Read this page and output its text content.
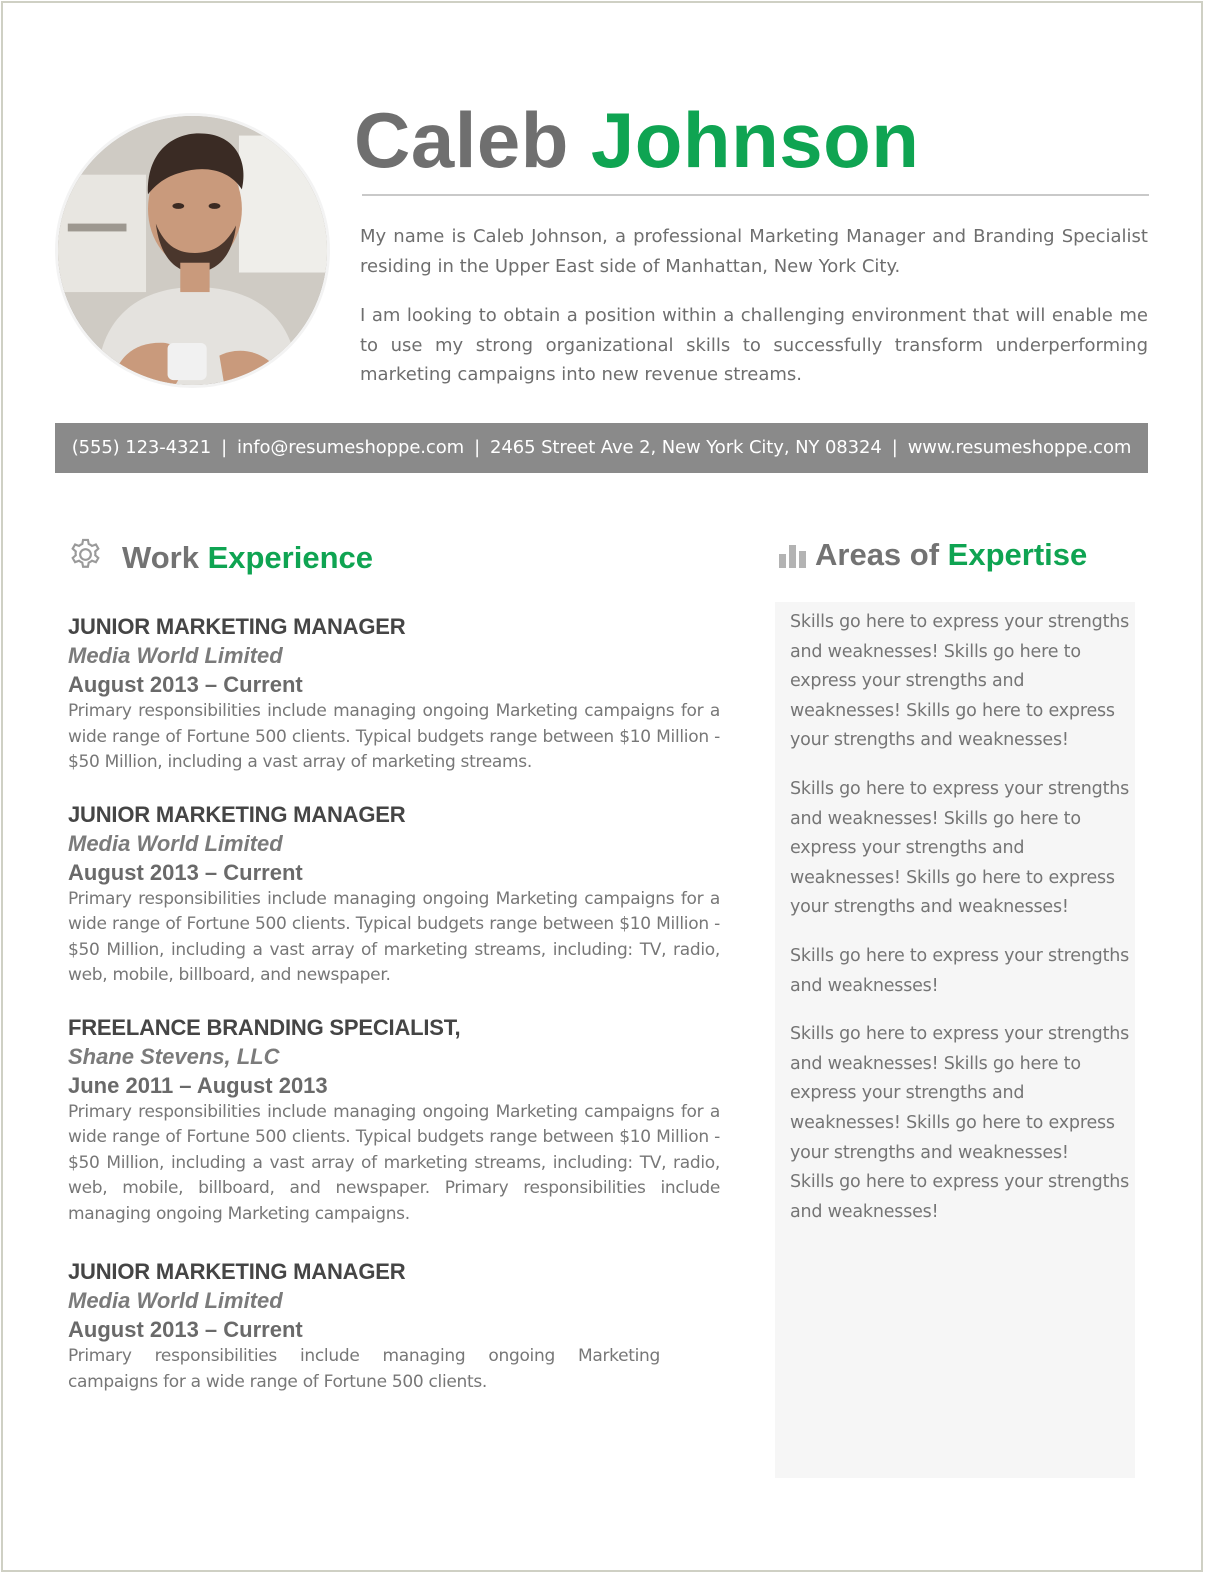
Caleb Johnson

My name is Caleb Johnson, a professional Marketing Manager and Branding Specialist residing in the Upper East side of Manhattan, New York City.

I am looking to obtain a position within a challenging environment that will enable me to use my strong organizational skills to successfully transform underperforming marketing campaigns into new revenue streams.

(555) 123-4321 | info@resumeshoppe.com | 2465 Street Ave 2, New York City, NY 08324 | www.resumeshoppe.com
Work Experience
JUNIOR MARKETING MANAGER
Media World Limited
August 2013 – Current
Primary responsibilities include managing ongoing Marketing campaigns for a wide range of Fortune 500 clients. Typical budgets range between $10 Million - $50 Million, including a vast array of marketing streams.
JUNIOR MARKETING MANAGER
Media World Limited
August 2013 – Current
Primary responsibilities include managing ongoing Marketing campaigns for a wide range of Fortune 500 clients. Typical budgets range between $10 Million - $50 Million, including a vast array of marketing streams, including: TV, radio, web, mobile, billboard, and newspaper.
FREELANCE BRANDING SPECIALIST,
Shane Stevens, LLC
June 2011 – August 2013
Primary responsibilities include managing ongoing Marketing campaigns for a wide range of Fortune 500 clients. Typical budgets range between $10 Million - $50 Million, including a vast array of marketing streams, including: TV, radio, web, mobile, billboard, and newspaper. Primary responsibilities include managing ongoing Marketing campaigns.
JUNIOR MARKETING MANAGER
Media World Limited
August 2013 – Current
Primary responsibilities include managing ongoing Marketing campaigns for a wide range of Fortune 500 clients.
Areas of Expertise

Skills go here to express your strengths and weaknesses! Skills go here to express your strengths and weaknesses! Skills go here to express your strengths and weaknesses!

Skills go here to express your strengths and weaknesses! Skills go here to express your strengths and weaknesses! Skills go here to express your strengths and weaknesses!

Skills go here to express your strengths and weaknesses!

Skills go here to express your strengths and weaknesses! Skills go here to express your strengths and weaknesses! Skills go here to express your strengths and weaknesses!

Skills go here to express your strengths and weaknesses!
